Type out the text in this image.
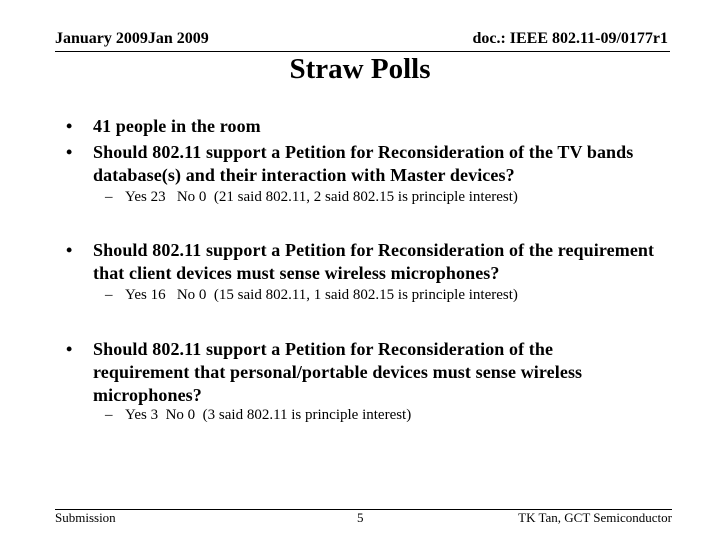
January 2009Jan 2009	doc.: IEEE 802.11-09/0177r1
Straw Polls
• 41 people in the room
• Should 802.11 support a Petition for Reconsideration of the TV bands database(s) and their interaction with Master devices?
– Yes 23   No 0  (21 said 802.11, 2 said 802.15 is principle interest)
• Should 802.11 support a Petition for Reconsideration of the requirement that client devices must sense wireless microphones?
– Yes 16   No 0  (15 said 802.11, 1 said 802.15 is principle interest)
• Should 802.11 support a Petition for Reconsideration of the requirement that personal/portable devices must sense wireless microphones?
– Yes 3  No 0  (3 said 802.11 is principle interest)
Submission	5	TK Tan, GCT Semiconductor
